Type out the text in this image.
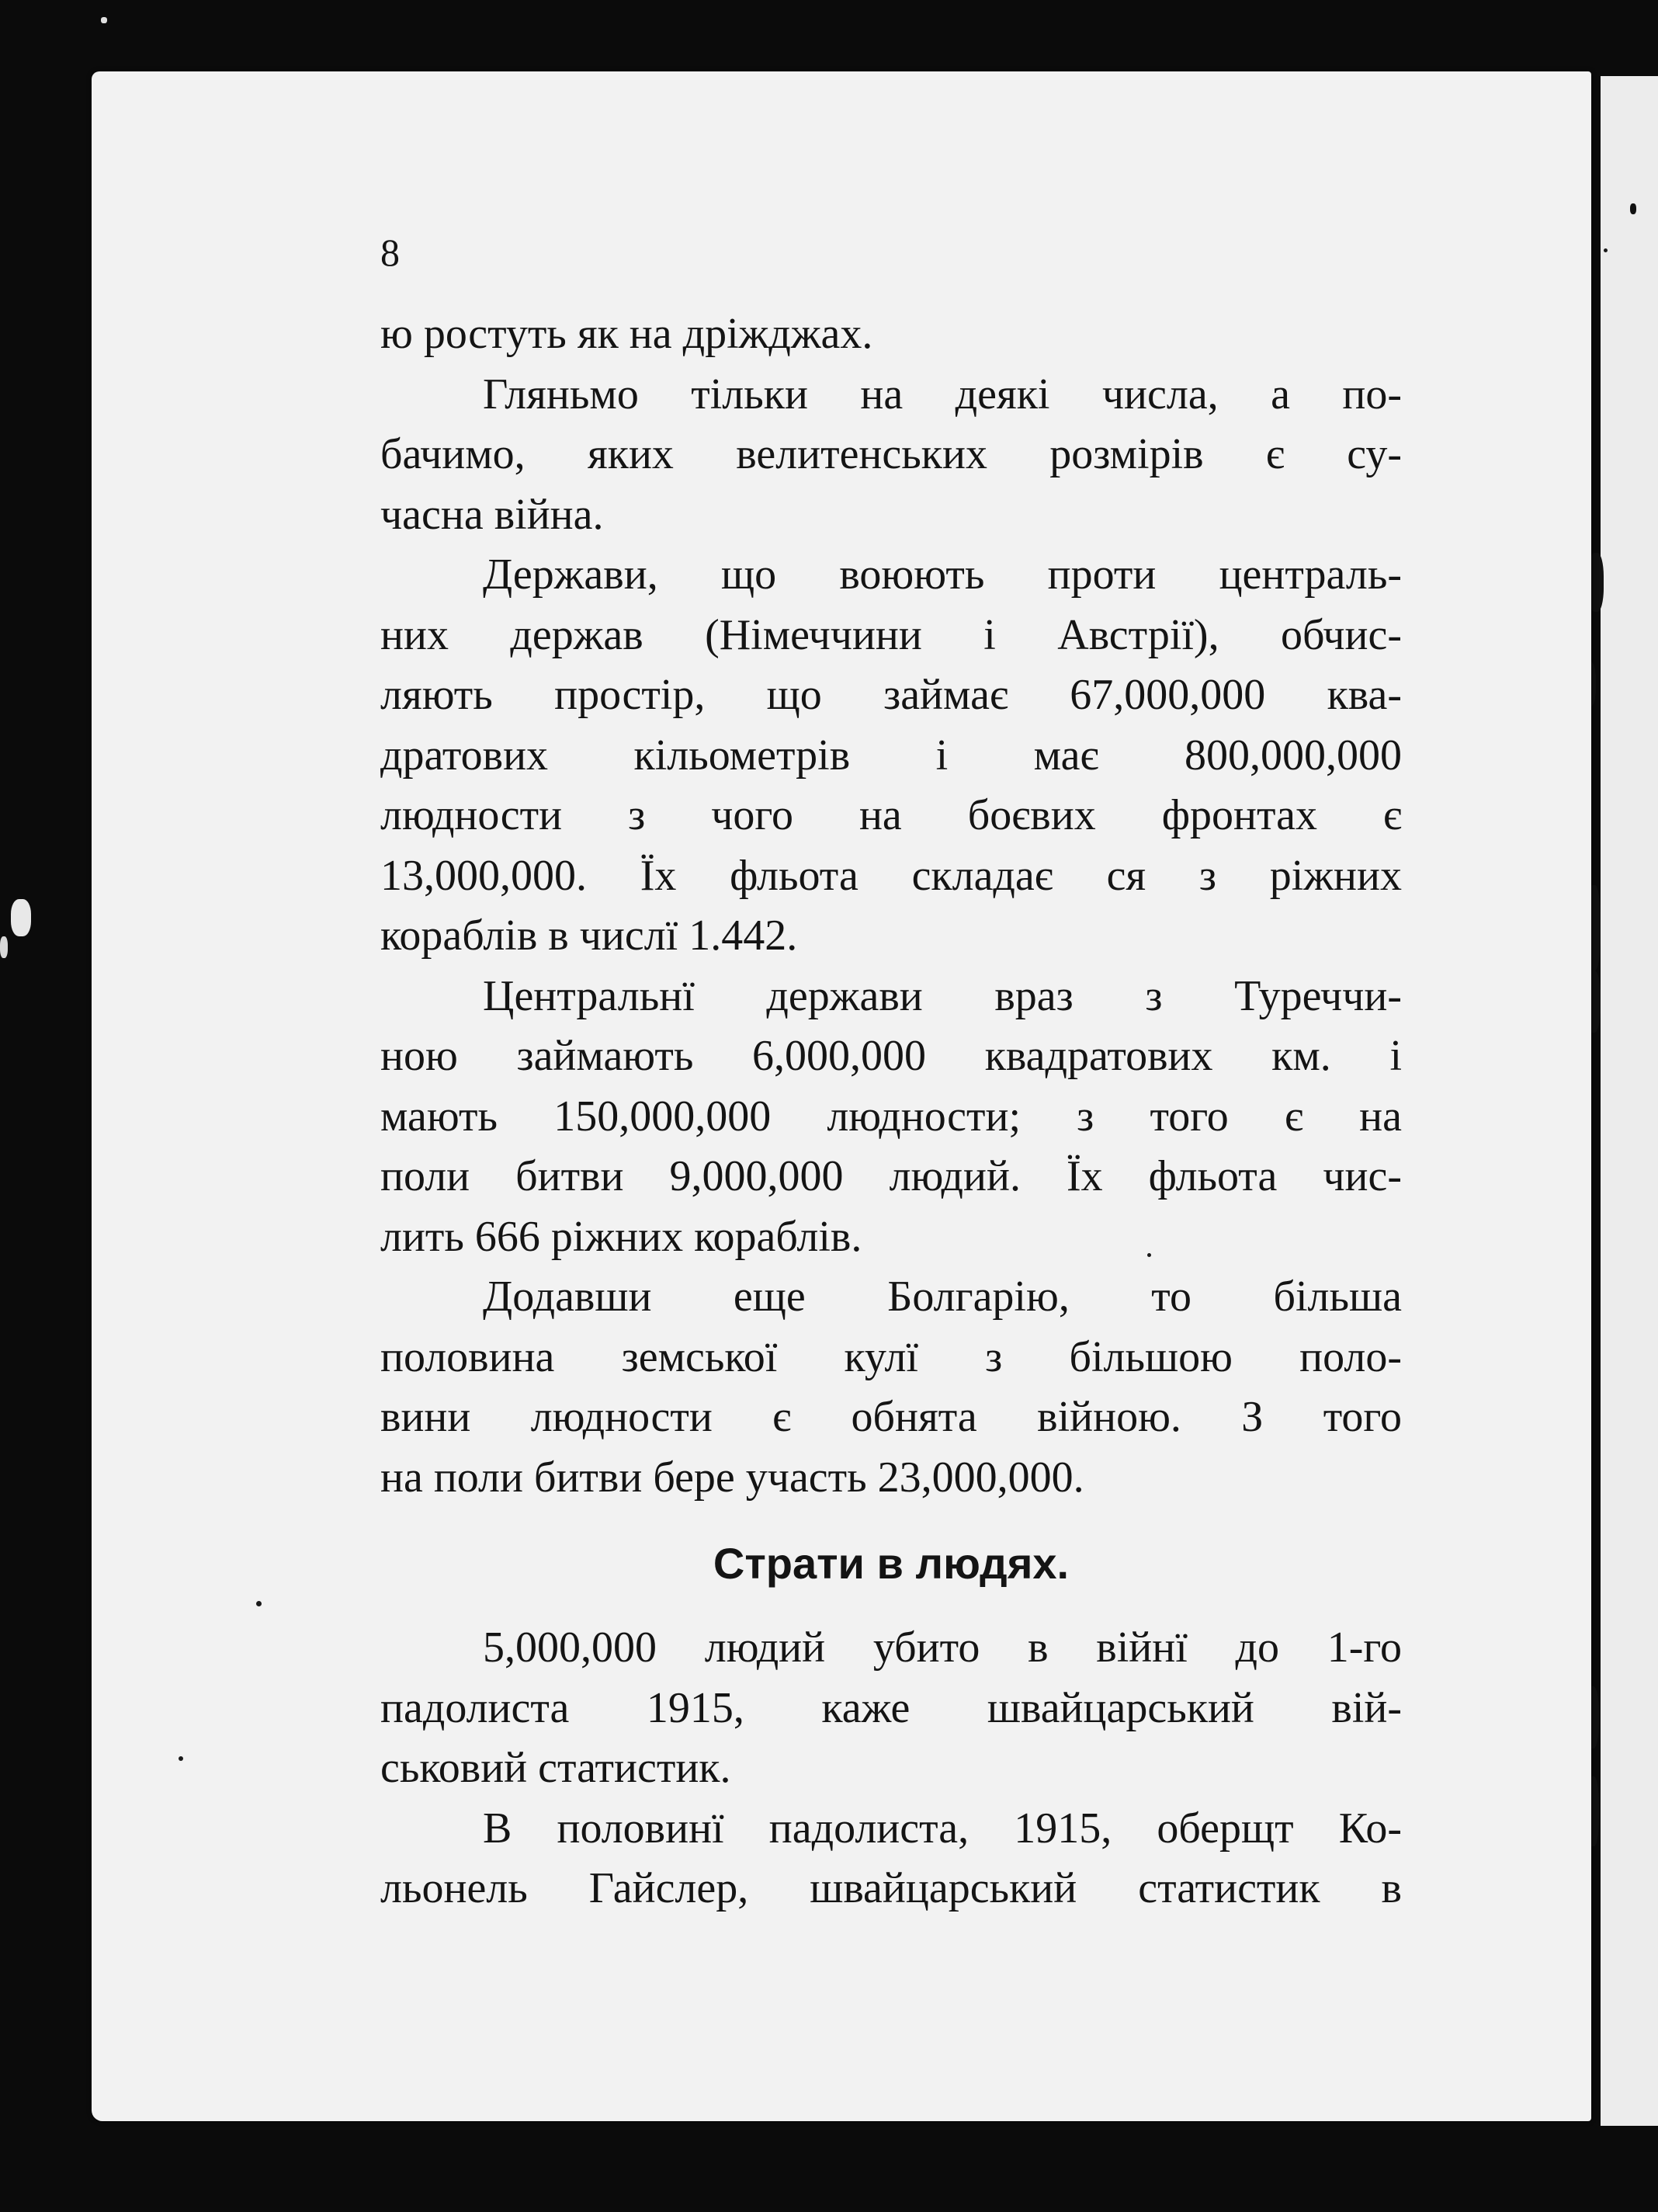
8
ю ростуть як на дріжджах.
Гляньмо тільки на деякі числа, а по-
бачимо, яких велитенських розмірів є су-
часна війна.
Держави, що воюють проти централь-
них держав (Німеччини і Австрії), обчис-
ляють простір, що займає 67,000,000 ква-
дратових кільометрів і має 800,000,000
людности з чого на боєвих фронтах є
13,000,000. Їх фльота складає ся з ріжних
кораблів в числї 1.442.
Центральнї держави враз з Туреччи-
ною займають 6,000,000 квадратових км. і
мають 150,000,000 людности; з того є на
поли битви 9,000,000 людий. Їх фльота чис-
лить 666 ріжних кораблів.
Додавши еще Болгарію, то більша
половина земської кулї з більшою поло-
вини людности є обнята війною. З того
на поли битви бере участь 23,000,000.
Страти в людях.
5,000,000 людий убито в війнї до 1-го
падолиста 1915, каже швайцарський вій-
ськовий статистик.
В половинї падолиста, 1915, оберщт Ко-
льонель Гайслер, швайцарський статистик в
